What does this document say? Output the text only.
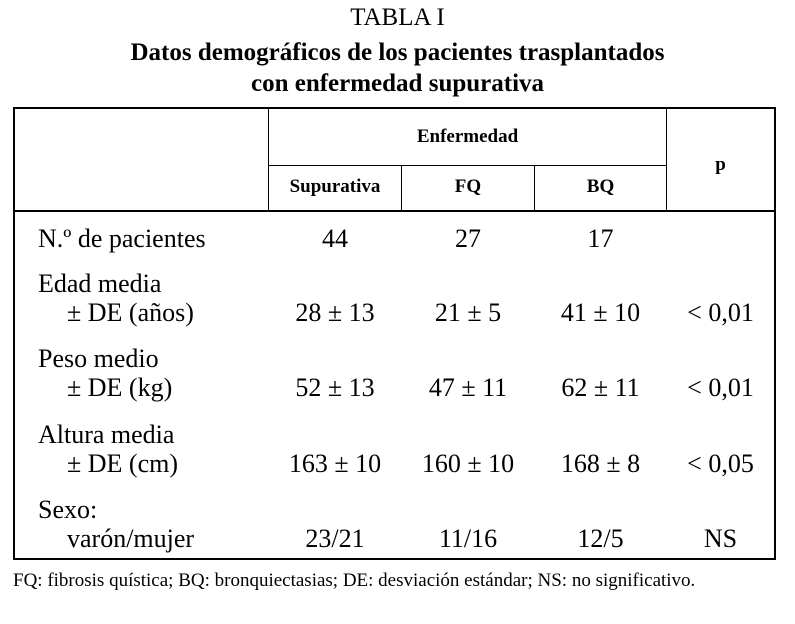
TABLA I
Datos demográficos de los pacientes trasplantados
con enfermedad supurativa
Enfermedad
Supurativa	FQ	BQ
p
N.º de pacientes	44	27	17
Edad media
± DE (años)	28 ± 13	21 ± 5	41 ± 10	< 0,01
Peso medio
± DE (kg)	52 ± 13	47 ± 11	62 ± 11	< 0,01
Altura media
± DE (cm)	163 ± 10	160 ± 10	168 ± 8	< 0,05
Sexo:
varón/mujer	23/21	11/16	12/5	NS
FQ: fibrosis quística; BQ: bronquiectasias; DE: desviación estándar; NS: no significativo.
